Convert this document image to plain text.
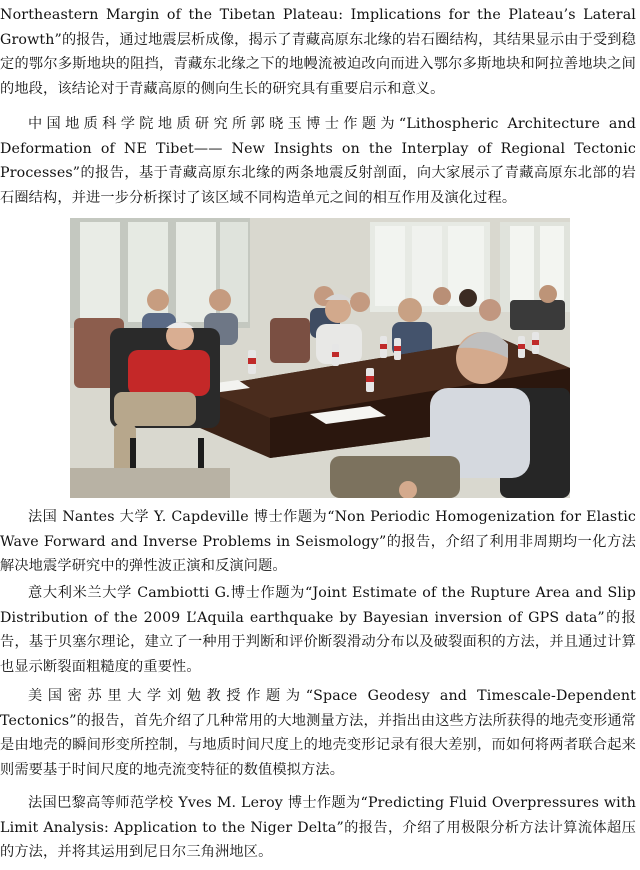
Northeastern Margin of the Tibetan Plateau: Implications for the Plateau’s Lateral Growth”的报告，通过地震层析成像，揭示了青藏高原东北缘的岩石圈结构，其结果显示由于受到稳定的鄂尔多斯地块的阻挡，青藏东北缘之下的地幔流被迫改向而进入鄂尔多斯地块和阿拉善地块之间的地段，该结论对于青藏高原的侧向生长的研究具有重要启示和意义。

中国地质科学院地质研究所郭晓玉博士作题为“Lithospheric Architecture and Deformation of NE Tibet—— New Insights on the Interplay of Regional Tectonic Processes”的报告，基于青藏高原东北缘的两条地震反射剖面，向大家展示了青藏高原东北部的岩石圈结构，并进一步分析探讨了该区域不同构造单元之间的相互作用及演化过程。

法国 Nantes 大学 Y. Capdeville 博士作题为“Non Periodic Homogenization for Elastic Wave Forward and Inverse Problems in Seismology”的报告，介绍了利用非周期均一化方法解决地震学研究中的弹性波正演和反演问题。

意大利米兰大学 Cambiotti G.博士作题为“Joint Estimate of the Rupture Area and Slip Distribution of the 2009 L’Aquila earthquake by Bayesian inversion of GPS data”的报告，基于贝塞尔理论，建立了一种用于判断和评价断裂滑动分布以及破裂面积的方法，并且通过计算也显示断裂面粗糙度的重要性。

美国密苏里大学刘勉教授作题为“Space Geodesy and Timescale-Dependent Tectonics”的报告，首先介绍了几种常用的大地测量方法，并指出由这些方法所获得的地壳变形通常是由地壳的瞬间形变所控制，与地质时间尺度上的地壳变形记录有很大差别，而如何将两者联合起来则需要基于时间尺度的地壳流变特征的数值模拟方法。

法国巴黎高等师范学校 Yves M. Leroy 博士作题为“Predicting Fluid Overpressures with Limit Analysis: Application to the Niger Delta”的报告，介绍了用极限分析方法计算流体超压的方法，并将其运用到尼日尔三角洲地区。
